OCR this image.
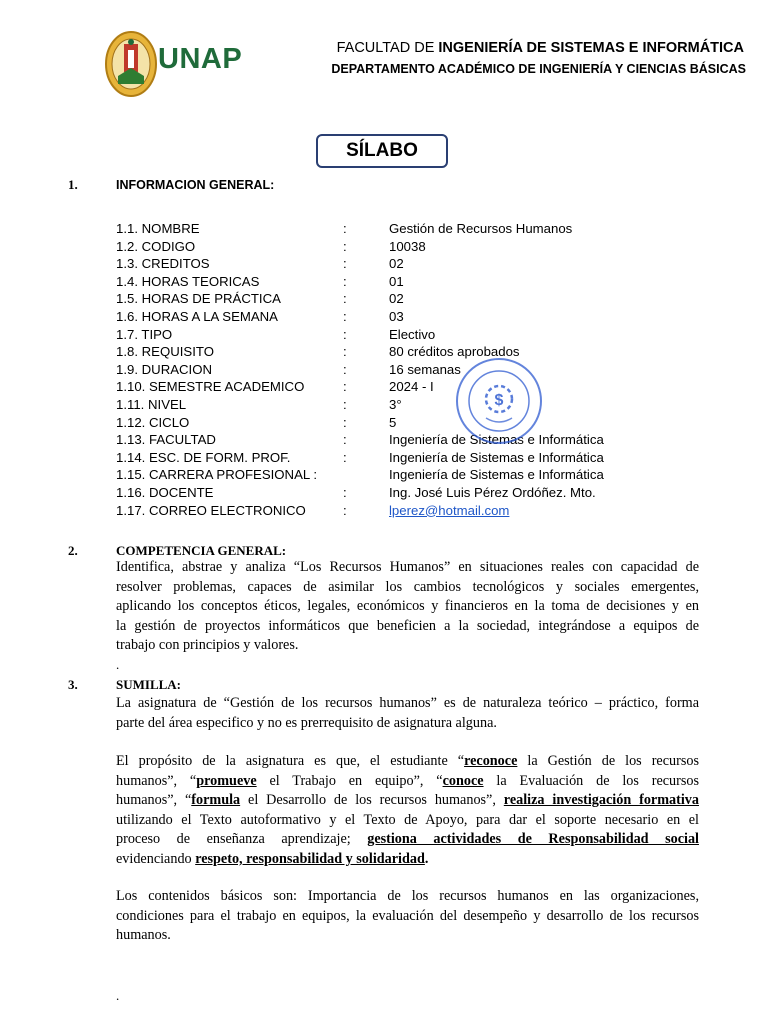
UNAP	FACULTAD DE INGENIERÍA DE SISTEMAS E INFORMÁTICA
DEPARTAMENTO ACADÉMICO DE INGENIERÍA Y CIENCIAS BÁSICAS
SÍLABO
1.	INFORMACION GENERAL:
1.1. NOMBRE	:	Gestión de Recursos Humanos
1.2. CODIGO	:	10038
1.3. CREDITOS	:	02
1.4. HORAS TEORICAS	:	01
1.5. HORAS DE PRÁCTICA	:	02
1.6. HORAS A LA SEMANA	:	03
1.7. TIPO	:	Electivo
1.8. REQUISITO	:	80 créditos aprobados
1.9. DURACION	:	16 semanas
1.10. SEMESTRE ACADEMICO	:	2024 - I
1.11. NIVEL	:	3°
1.12. CICLO	:	5
1.13. FACULTAD	:	Ingeniería de Sistemas e Informática
1.14. ESC. DE FORM. PROF.	:	Ingeniería de Sistemas e Informática
1.15. CARRERA PROFESIONAL :	Ingeniería de Sistemas e Informática
1.16. DOCENTE	:	Ing. José Luis Pérez Ordóñez. Mto.
1.17. CORREO ELECTRONICO	:	lperez@hotmail.com
$
2.	COMPETENCIA GENERAL:
Identifica, abstrae y analiza “Los Recursos Humanos” en situaciones reales con capacidad de
resolver problemas, capaces de asimilar los cambios tecnológicos y sociales emergentes,
aplicando los conceptos éticos, legales, económicos y financieros en la toma de decisiones y en
la gestión de proyectos informáticos que beneficien a la sociedad, integrándose a equipos de
trabajo con principios y valores.
.
3.	SUMILLA:
La asignatura de “Gestión de los recursos humanos” es de naturaleza teórico – práctico, forma
parte del área especifico y no es prerrequisito de asignatura alguna.
El propósito de la asignatura es que, el estudiante “reconoce la Gestión de los recursos
humanos”, “promueve el Trabajo en equipo”, “conoce la Evaluación de los recursos
humanos”, “formula el Desarrollo de los recursos humanos”, realiza investigación formativa
utilizando el Texto autoformativo y el Texto de Apoyo, para dar el soporte necesario en el
proceso de enseñanza aprendizaje; gestiona actividades de Responsabilidad social
evidenciando respeto, responsabilidad y solidaridad.
Los contenidos básicos son: Importancia de los recursos humanos en las organizaciones,
condiciones para el trabajo en equipos, la evaluación del desempeño y desarrollo de los recursos
humanos.
.
